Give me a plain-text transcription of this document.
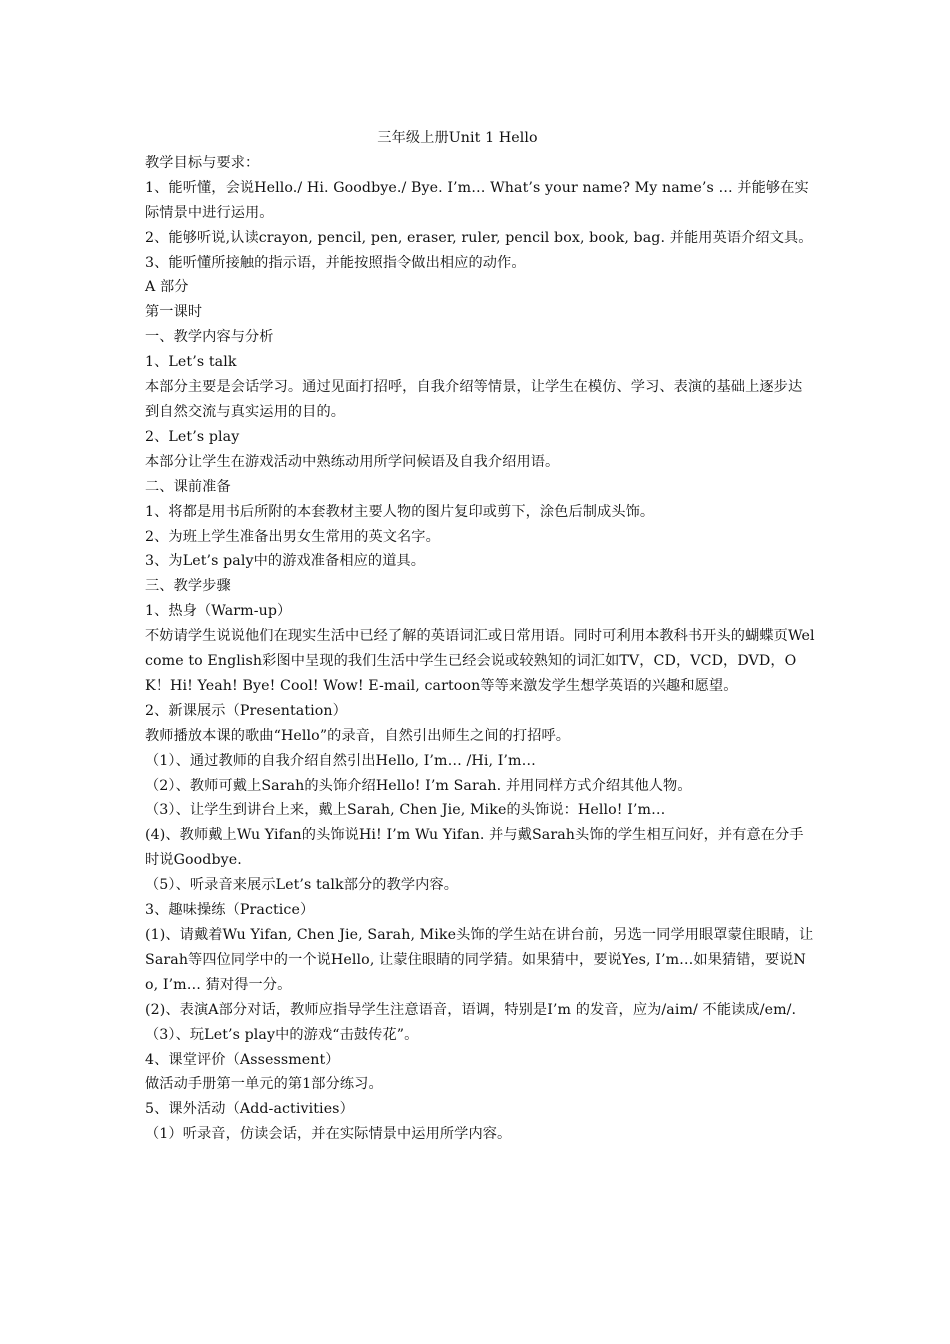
三年级上册Unit 1 Hello

教学目标与要求：

1、能听懂，会说Hello./ Hi. Goodbye./ Bye. I’m… What’s your name? My name’s … 并能够在实际情景中进行运用。

2、能够听说,认读crayon, pencil, pen, eraser, ruler, pencil box, book, bag. 并能用英语介绍文具。

3、能听懂所接触的指示语，并能按照指令做出相应的动作。

A 部分

第一课时

一、教学内容与分析

1、Let’s talk

本部分主要是会话学习。通过见面打招呼，自我介绍等情景，让学生在模仿、学习、表演的基础上逐步达到自然交流与真实运用的目的。

2、Let’s play

本部分让学生在游戏活动中熟练动用所学问候语及自我介绍用语。

二、课前准备

1、将都是用书后所附的本套教材主要人物的图片复印或剪下，涂色后制成头饰。

2、为班上学生准备出男女生常用的英文名字。

3、为Let’s paly中的游戏准备相应的道具。

三、教学步骤

1、热身（Warm-up）

不妨请学生说说他们在现实生活中已经了解的英语词汇或日常用语。同时可利用本教科书开头的蝴蝶页Welcome to English彩图中呈现的我们生活中学生已经会说或较熟知的词汇如TV，CD，VCD，DVD，OK！Hi! Yeah! Bye! Cool! Wow! E-mail, cartoon等等来激发学生想学英语的兴趣和愿望。

2、新课展示（Presentation）

教师播放本课的歌曲“Hello”的录音，自然引出师生之间的打招呼。

（1）、通过教师的自我介绍自然引出Hello, I’m… /Hi, I’m…

（2）、教师可戴上Sarah的头饰介绍Hello! I’m Sarah. 并用同样方式介绍其他人物。

（3）、让学生到讲台上来，戴上Sarah, Chen Jie, Mike的头饰说：Hello! I’m…

(4)、教师戴上Wu Yifan的头饰说Hi! I’m Wu Yifan. 并与戴Sarah头饰的学生相互问好，并有意在分手时说Goodbye.

（5）、听录音来展示Let’s talk部分的教学内容。

3、趣味操练（Practice）

(1)、请戴着Wu Yifan, Chen Jie, Sarah, Mike头饰的学生站在讲台前，另选一同学用眼罩蒙住眼睛，让Sarah等四位同学中的一个说Hello, 让蒙住眼睛的同学猜。如果猜中，要说Yes, I’m…如果猜错，要说No, I’m… 猜对得一分。

(2)、表演A部分对话，教师应指导学生注意语音，语调，特别是I’m 的发音，应为/aim/ 不能读成/em/.

（3）、玩Let’s play中的游戏“击鼓传花”。

4、课堂评价（Assessment）

做活动手册第一单元的第1部分练习。

5、课外活动（Add-activities）

（1）听录音，仿读会话，并在实际情景中运用所学内容。
